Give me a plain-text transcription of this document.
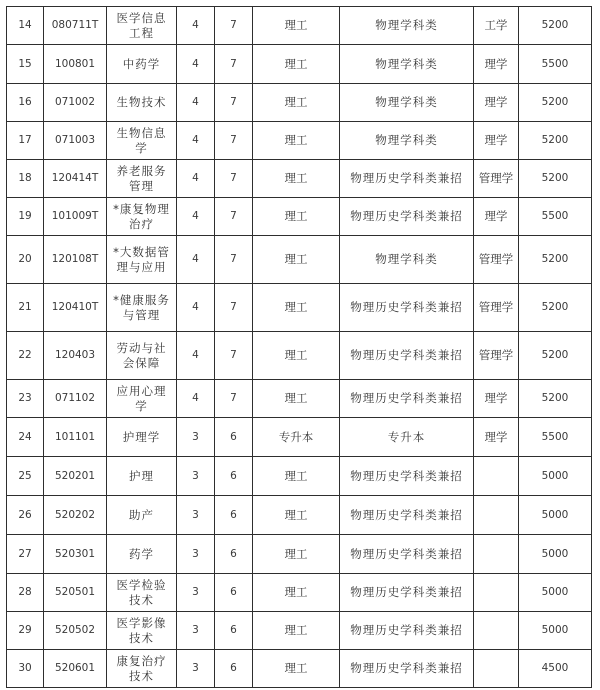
14	080711T	医学信息工程	4	7	理工	物理学科类	工学	5200
15	100801	中药学	4	7	理工	物理学科类	理学	5500
16	071002	生物技术	4	7	理工	物理学科类	理学	5200
17	071003	生物信息学	4	7	理工	物理学科类	理学	5200
18	120414T	养老服务管理	4	7	理工	物理历史学科类兼招	管理学	5200
19	101009T	*康复物理治疗	4	7	理工	物理历史学科类兼招	理学	5500
20	120108T	*大数据管理与应用	4	7	理工	物理学科类	管理学	5200
21	120410T	*健康服务与管理	4	7	理工	物理历史学科类兼招	管理学	5200
22	120403	劳动与社会保障	4	7	理工	物理历史学科类兼招	管理学	5200
23	071102	应用心理学	4	7	理工	物理历史学科类兼招	理学	5200
24	101101	护理学	3	6	专升本	专升本	理学	5500
25	520201	护理	3	6	理工	物理历史学科类兼招		5000
26	520202	助产	3	6	理工	物理历史学科类兼招		5000
27	520301	药学	3	6	理工	物理历史学科类兼招		5000
28	520501	医学检验技术	3	6	理工	物理历史学科类兼招		5000
29	520502	医学影像技术	3	6	理工	物理历史学科类兼招		5000
30	520601	康复治疗技术	3	6	理工	物理历史学科类兼招		4500
